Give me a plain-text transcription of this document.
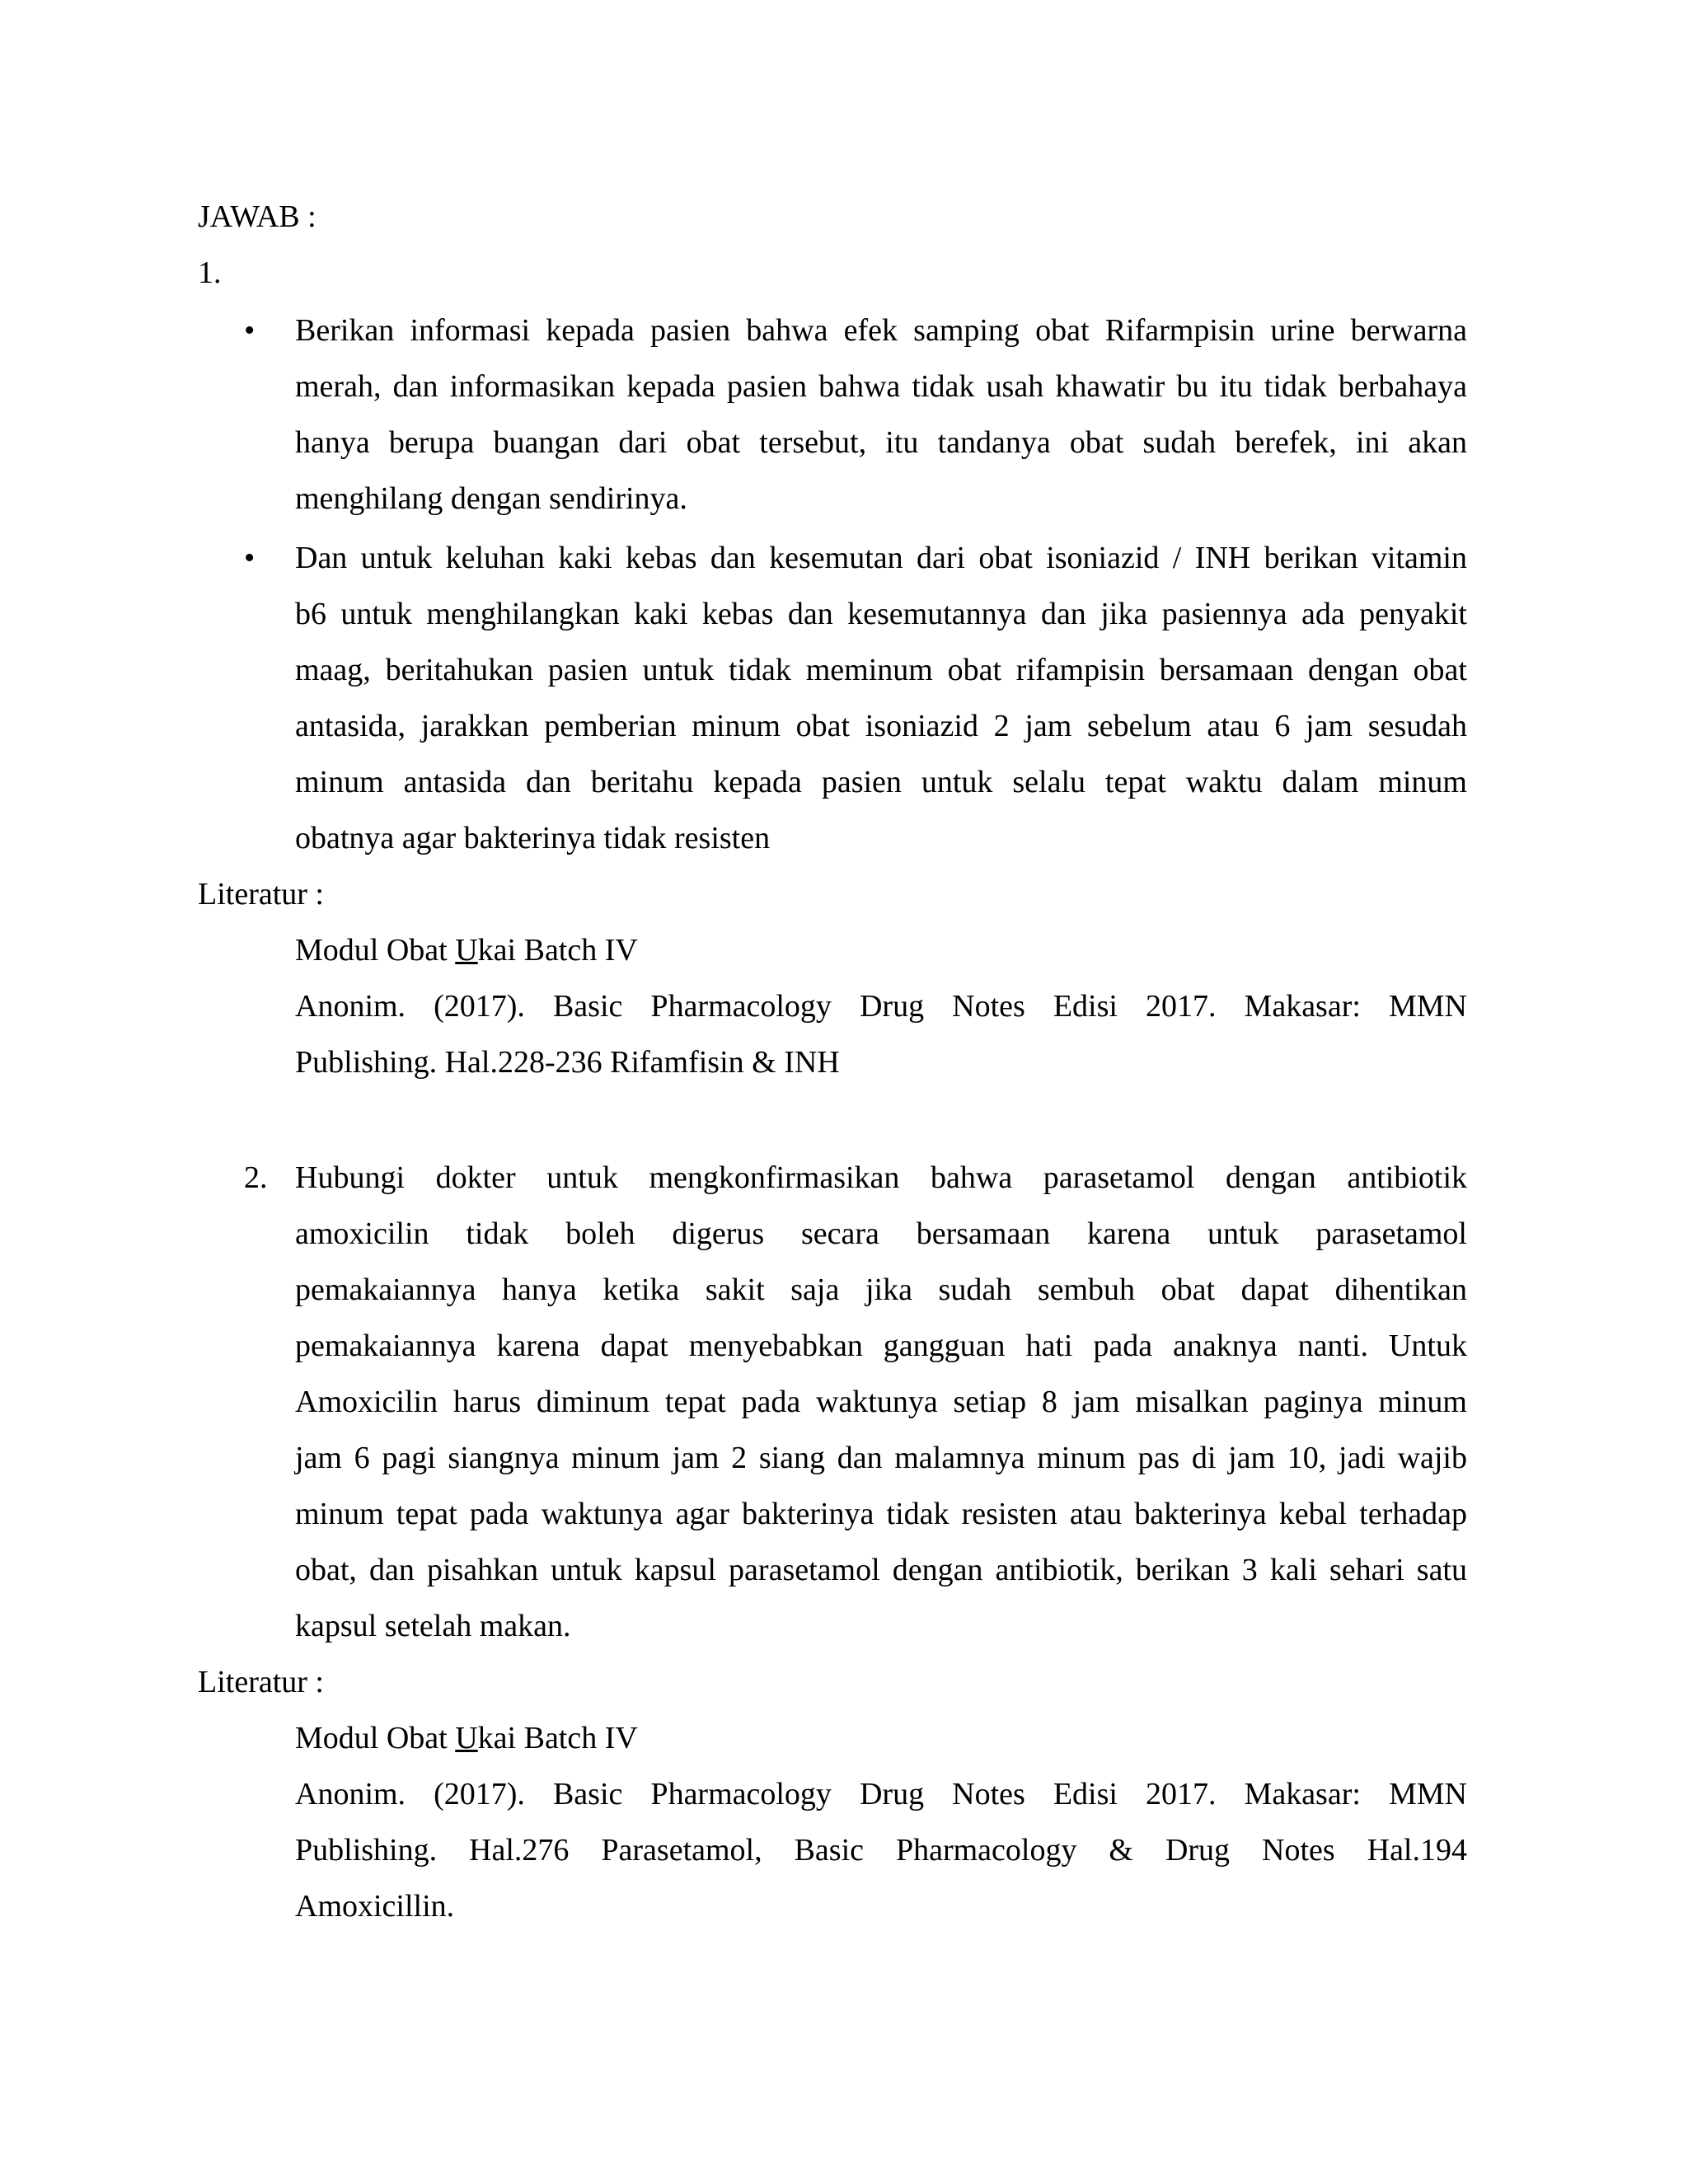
JAWAB :
1.
• Berikan informasi kepada pasien bahwa efek samping obat Rifarmpisin urine berwarna
merah, dan informasikan kepada pasien bahwa tidak usah khawatir bu itu tidak berbahaya
hanya berupa buangan dari obat tersebut, itu tandanya obat sudah berefek, ini akan
menghilang dengan sendirinya.
• Dan untuk keluhan kaki kebas dan kesemutan dari obat isoniazid / INH berikan vitamin
b6 untuk menghilangkan kaki kebas dan kesemutannya dan jika pasiennya ada penyakit
maag, beritahukan pasien untuk tidak meminum obat rifampisin bersamaan dengan obat
antasida, jarakkan pemberian minum obat isoniazid 2 jam sebelum atau 6 jam sesudah
minum antasida dan beritahu kepada pasien untuk selalu tepat waktu dalam minum
obatnya agar bakterinya tidak resisten
Literatur :
Modul Obat Ukai Batch IV
Anonim. (2017). Basic Pharmacology Drug Notes Edisi 2017. Makasar: MMN
Publishing. Hal.228-236 Rifamfisin & INH
2. Hubungi dokter untuk mengkonfirmasikan bahwa parasetamol dengan antibiotik
amoxicilin tidak boleh digerus secara bersamaan karena untuk parasetamol
pemakaiannya hanya ketika sakit saja jika sudah sembuh obat dapat dihentikan
pemakaiannya karena dapat menyebabkan gangguan hati pada anaknya nanti. Untuk
Amoxicilin harus diminum tepat pada waktunya setiap 8 jam misalkan paginya minum
jam 6 pagi siangnya minum jam 2 siang dan malamnya minum pas di jam 10, jadi wajib
minum tepat pada waktunya agar bakterinya tidak resisten atau bakterinya kebal terhadap
obat, dan pisahkan untuk kapsul parasetamol dengan antibiotik, berikan 3 kali sehari satu
kapsul setelah makan.
Literatur :
Modul Obat Ukai Batch IV
Anonim. (2017). Basic Pharmacology Drug Notes Edisi 2017. Makasar: MMN
Publishing. Hal.276 Parasetamol, Basic Pharmacology & Drug Notes Hal.194
Amoxicillin.
